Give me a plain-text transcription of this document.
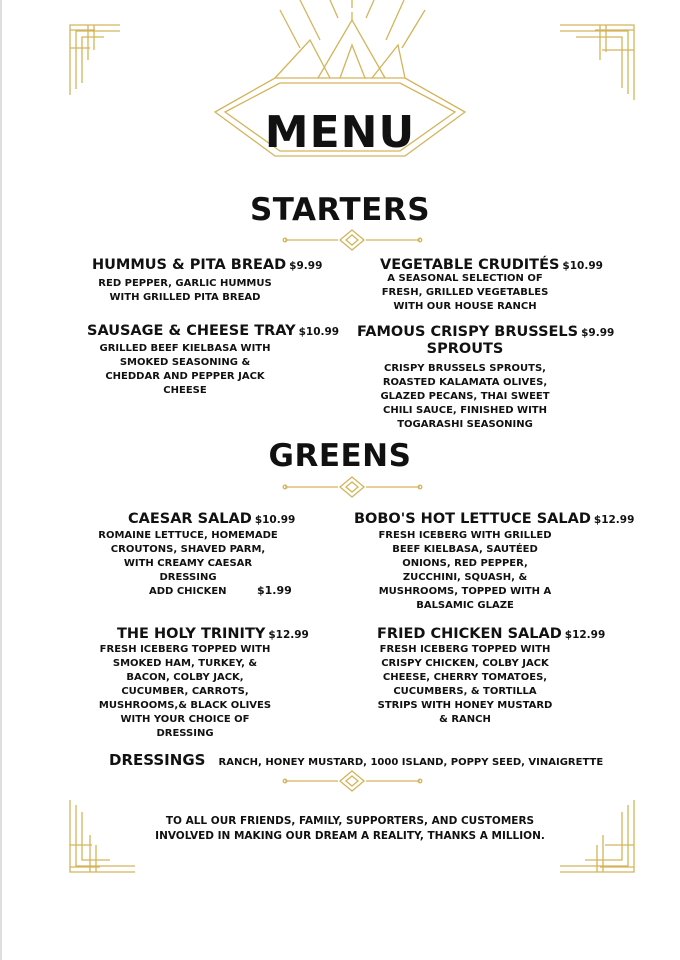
MENU
STARTERS
HUMMUS & PITA BREAD $9.99
RED PEPPER, GARLIC HUMMUS
WITH GRILLED PITA BREAD
VEGETABLE CRUDITÉS $10.99
A SEASONAL SELECTION OF
FRESH, GRILLED VEGETABLES
WITH OUR HOUSE RANCH
SAUSAGE & CHEESE TRAY $10.99
GRILLED BEEF KIELBASA WITH
SMOKED SEASONING &
CHEDDAR AND PEPPER JACK
CHEESE
FAMOUS CRISPY BRUSSELS $9.99
SPROUTS
CRISPY BRUSSELS SPROUTS,
ROASTED KALAMATA OLIVES,
GLAZED PECANS, THAI SWEET
CHILI SAUCE, FINISHED WITH
TOGARASHI SEASONING
GREENS
CAESAR SALAD $10.99
ROMAINE LETTUCE, HOMEMADE
CROUTONS, SHAVED PARM,
WITH CREAMY CAESAR
DRESSING
ADD CHICKEN	$1.99
BOBO'S HOT LETTUCE SALAD $12.99
FRESH ICEBERG WITH GRILLED
BEEF KIELBASA, SAUTÉED
ONIONS, RED PEPPER,
ZUCCHINI, SQUASH, &
MUSHROOMS, TOPPED WITH A
BALSAMIC GLAZE
THE HOLY TRINITY $12.99
FRESH ICEBERG TOPPED WITH
SMOKED HAM, TURKEY, &
BACON, COLBY JACK,
CUCUMBER, CARROTS,
MUSHROOMS,& BLACK OLIVES
WITH YOUR CHOICE OF
DRESSING
FRIED CHICKEN SALAD $12.99
FRESH ICEBERG TOPPED WITH
CRISPY CHICKEN, COLBY JACK
CHEESE, CHERRY TOMATOES,
CUCUMBERS, & TORTILLA
STRIPS WITH HONEY MUSTARD
& RANCH
DRESSINGS RANCH, HONEY MUSTARD, 1000 ISLAND, POPPY SEED, VINAIGRETTE
TO ALL OUR FRIENDS, FAMILY, SUPPORTERS, AND CUSTOMERS
INVOLVED IN MAKING OUR DREAM A REALITY, THANKS A MILLION.
